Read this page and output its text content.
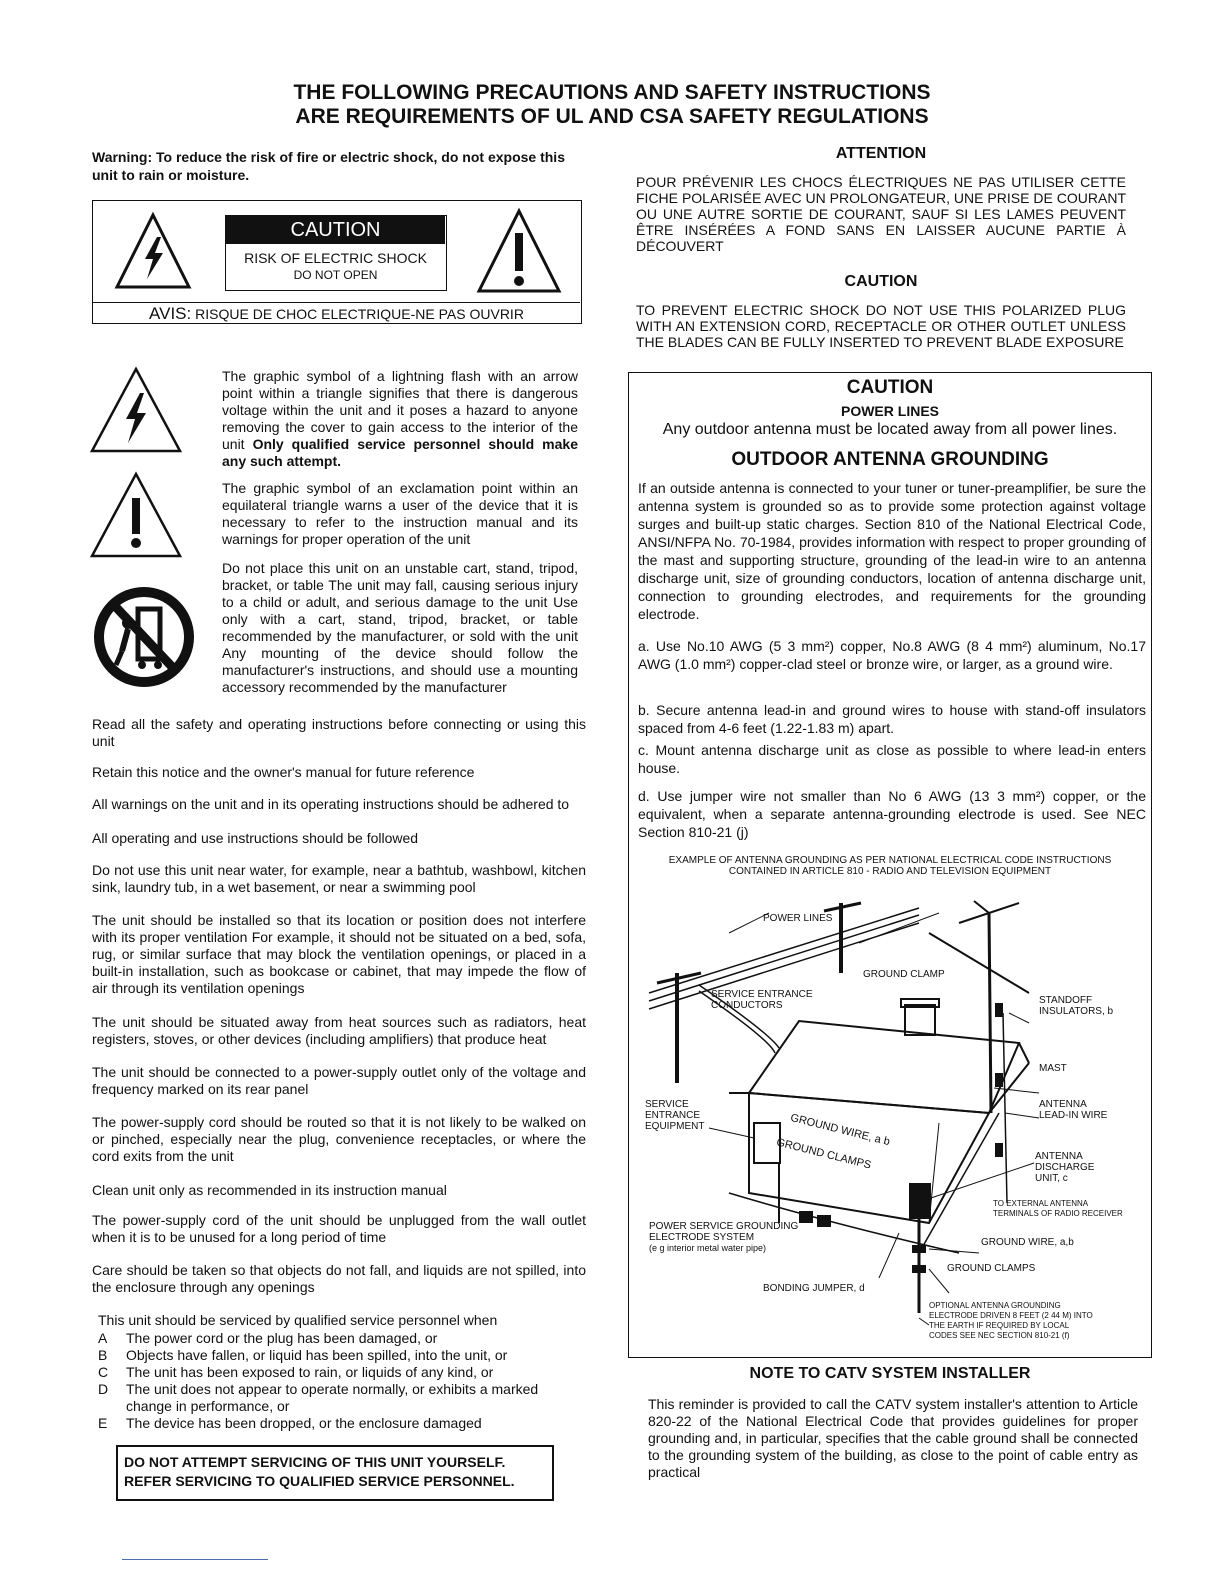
THE FOLLOWING PRECAUTIONS AND SAFETY INSTRUCTIONS
ARE REQUIREMENTS OF UL AND CSA SAFETY REGULATIONS
Warning: To reduce the risk of fire or electric shock, do not expose this unit to rain or moisture.
CAUTION
RISK OF ELECTRIC SHOCK
DO NOT OPEN
AVIS: RISQUE DE CHOC ELECTRIQUE-NE PAS OUVRIR
The graphic symbol of a lightning flash with an arrow point within a triangle signifies that there is dangerous voltage within the unit and it poses a hazard to anyone removing the cover to gain access to the interior of the unit Only qualified service personnel should make any such attempt.
The graphic symbol of an exclamation point within an equilateral triangle warns a user of the device that it is necessary to refer to the instruction manual and its warnings for proper operation of the unit
Do not place this unit on an unstable cart, stand, tripod, bracket, or table The unit may fall, causing serious injury to a child or adult, and serious damage to the unit Use only with a cart, stand, tripod, bracket, or table recommended by the manufacturer, or sold with the unit Any mounting of the device should follow the manufacturer's instructions, and should use a mounting accessory recommended by the manufacturer
Read all the safety and operating instructions before connecting or using this unit
Retain this notice and the owner's manual for future reference
All warnings on the unit and in its operating instructions should be adhered to
All operating and use instructions should be followed
Do not use this unit near water, for example, near a bathtub, washbowl, kitchen sink, laundry tub, in a wet basement, or near a swimming pool
The unit should be installed so that its location or position does not interfere with its proper ventilation For example, it should not be situated on a bed, sofa, rug, or similar surface that may block the ventilation openings, or placed in a built-in installation, such as bookcase or cabinet, that may impede the flow of air through its ventilation openings
The unit should be situated away from heat sources such as radiators, heat registers, stoves, or other devices (including amplifiers) that produce heat
The unit should be connected to a power-supply outlet only of the voltage and frequency marked on its rear panel
The power-supply cord should be routed so that it is not likely to be walked on or pinched, especially near the plug, convenience receptacles, or where the cord exits from the unit
Clean unit only as recommended in its instruction manual
The power-supply cord of the unit should be unplugged from the wall outlet when it is to be unused for a long period of time
Care should be taken so that objects do not fall, and liquids are not spilled, into the enclosure through any openings
This unit should be serviced by qualified service personnel when
A	The power cord or the plug has been damaged, or
B	Objects have fallen, or liquid has been spilled, into the unit, or
C	The unit has been exposed to rain, or liquids of any kind, or
D	The unit does not appear to operate normally, or exhibits a marked change in performance, or
E	The device has been dropped, or the enclosure damaged
DO NOT ATTEMPT SERVICING OF THIS UNIT YOURSELF.
REFER SERVICING TO QUALIFIED SERVICE PERSONNEL.
ATTENTION
POUR PRÉVENIR LES CHOCS ÉLECTRIQUES NE PAS UTILISER CETTE FICHE POLARISÉE AVEC UN PROLONGATEUR, UNE PRISE DE COURANT OU UNE AUTRE SORTIE DE COURANT, SAUF SI LES LAMES PEUVENT ÊTRE INSÉRÉES A FOND SANS EN LAISSER AUCUNE PARTIE À DÉCOUVERT
CAUTION
TO PREVENT ELECTRIC SHOCK DO NOT USE THIS POLARIZED PLUG WITH AN EXTENSION CORD, RECEPTACLE OR OTHER OUTLET UNLESS THE BLADES CAN BE FULLY INSERTED TO PREVENT BLADE EXPOSURE
CAUTION
POWER LINES
Any outdoor antenna must be located away from all power lines.
OUTDOOR ANTENNA GROUNDING
If an outside antenna is connected to your tuner or tuner-preamplifier, be sure the antenna system is grounded so as to provide some protection against voltage surges and built-up static charges. Section 810 of the National Electrical Code, ANSI/NFPA No. 70-1984, provides information with respect to proper grounding of the mast and supporting structure, grounding of the lead-in wire to an antenna discharge unit, size of grounding conductors, location of antenna discharge unit, connection to grounding electrodes, and requirements for the grounding electrode.
a. Use No.10 AWG (5 3 mm²) copper, No.8 AWG (8 4 mm²) aluminum, No.17 AWG (1.0 mm²) copper-clad steel or bronze wire, or larger, as a ground wire.
b. Secure antenna lead-in and ground wires to house with stand-off insulators spaced from 4-6 feet (1.22-1.83 m) apart.
c. Mount antenna discharge unit as close as possible to where lead-in enters house.
d. Use jumper wire not smaller than No 6 AWG (13 3 mm²) copper, or the equivalent, when a separate antenna-grounding electrode is used. See NEC Section 810-21 (j)
EXAMPLE OF ANTENNA GROUNDING AS PER NATIONAL ELECTRICAL CODE INSTRUCTIONS
CONTAINED IN ARTICLE 810 - RADIO AND TELEVISION EQUIPMENT
POWER LINES
GROUND CLAMP
SERVICE ENTRANCE
CONDUCTORS	STANDOFF
INSULATORS, b
MAST
SERVICE
ENTRANCE
EQUIPMENT	GROUND WIRE, a b
GROUND CLAMPS
ANTENNA
LEAD-IN WIRE
ANTENNA
DISCHARGE
UNIT, c
TO EXTERNAL ANTENNA
TERMINALS OF RADIO RECEIVER
POWER SERVICE GROUNDING
ELECTRODE SYSTEM
(e g interior metal water pipe)	GROUND WIRE, a,b
GROUND CLAMPS
BONDING JUMPER, d
OPTIONAL ANTENNA GROUNDING
ELECTRODE DRIVEN 8 FEET (2 44 M) INTO
THE EARTH IF REQUIRED BY LOCAL
CODES SEE NEC SECTION 810-21 (f)
NOTE TO CATV SYSTEM INSTALLER
This reminder is provided to call the CATV system installer's attention to Article 820-22 of the National Electrical Code that provides guidelines for proper grounding and, in particular, specifies that the cable ground shall be connected to the grounding system of the building, as close to the point of cable entry as practical
